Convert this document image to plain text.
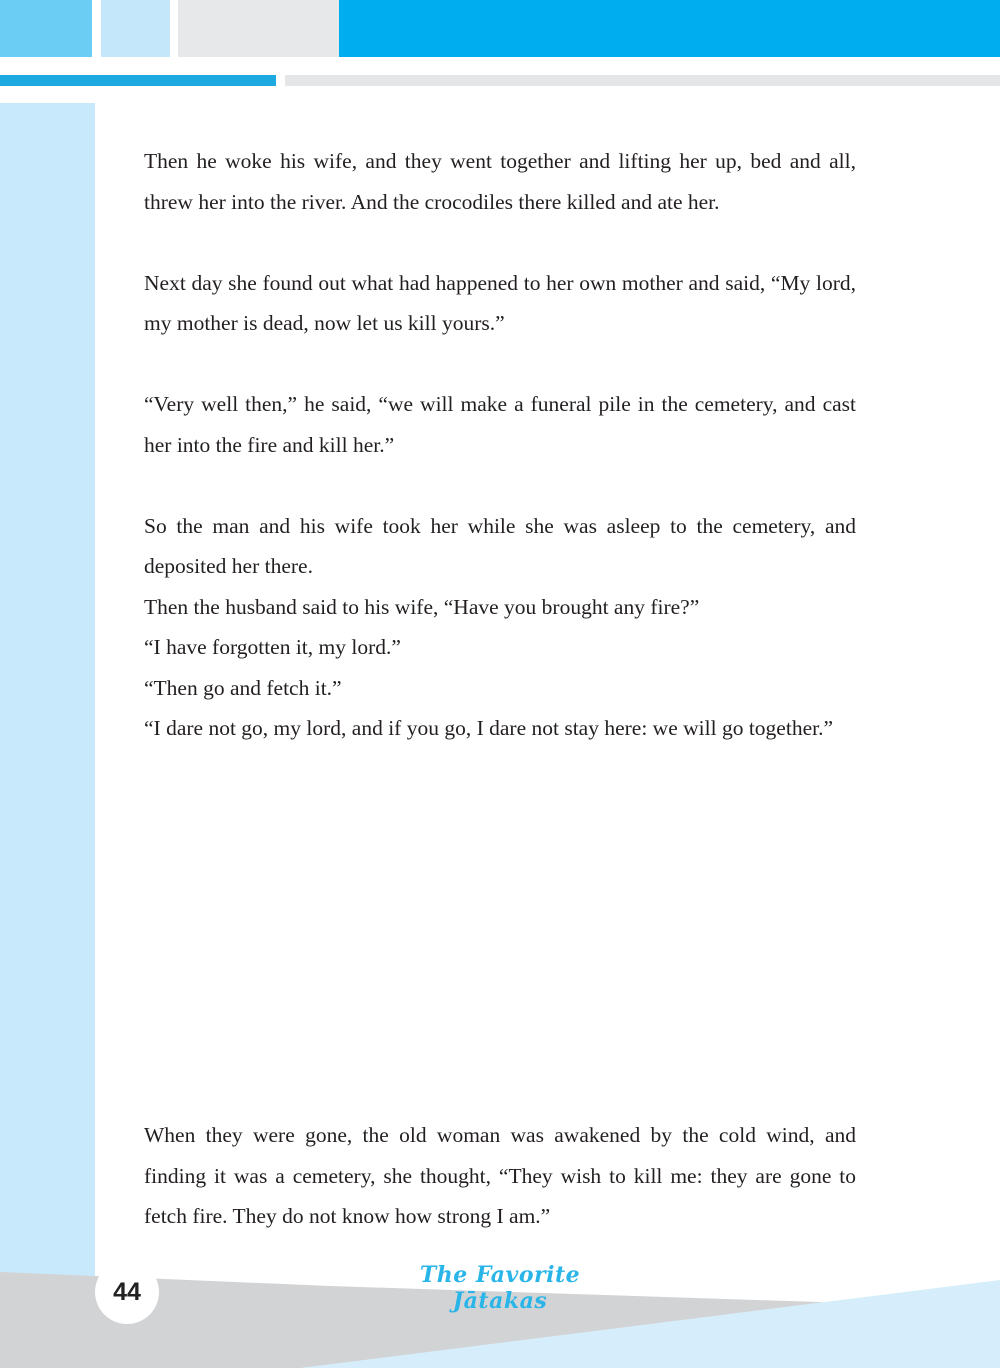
Then he woke his wife, and they went together and lifting her up, bed and all, threw her into the river. And the crocodiles there killed and ate her.

Next day she found out what had happened to her own mother and said, “My lord, my mother is dead, now let us kill yours.”

“Very well then,” he said, “we will make a funeral pile in the cemetery, and cast her into the fire and kill her.”

So the man and his wife took her while she was asleep to the cemetery, and deposited her there.

Then the husband said to his wife, “Have you brought any fire?”

“I have forgotten it, my lord.”

“Then go and fetch it.”

“I dare not go, my lord, and if you go, I dare not stay here: we will go together.”

When they were gone, the old woman was awakened by the cold wind, and finding it was a cemetery, she thought, “They wish to kill me: they are gone to fetch fire. They do not know how strong I am.”

44
The Favorite Jātakas
